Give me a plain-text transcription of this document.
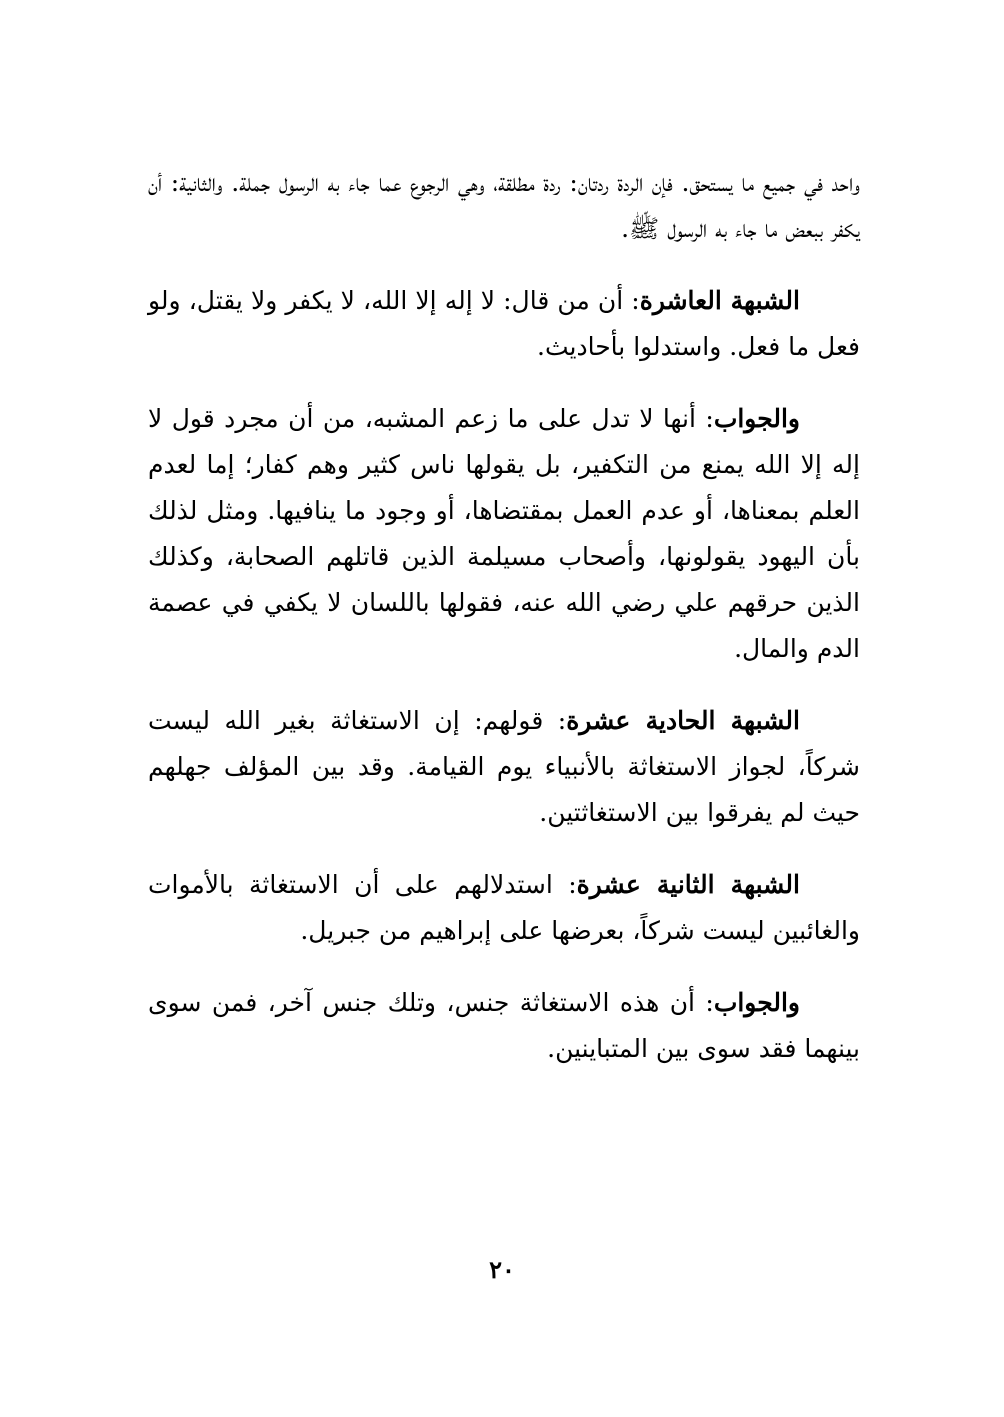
واحد في جميع ما يستحق. فإن الردة ردتان: ردة مطلقة، وهي الرجوع عما جاء به الرسول جملة. والثانية: أن يكفر ببعض ما جاء به الرسول ﷺ.

الشبهة العاشرة: أن من قال: لا إله إلا الله، لا يكفر ولا يقتل، ولو فعل ما فعل. واستدلوا بأحاديث.

والجواب: أنها لا تدل على ما زعم المشبه، من أن مجرد قول لا إله إلا الله يمنع من التكفير، بل يقولها ناس كثير وهم كفار؛ إما لعدم العلم بمعناها، أو عدم العمل بمقتضاها، أو وجود ما ينافيها. ومثل لذلك بأن اليهود يقولونها، وأصحاب مسيلمة الذين قاتلهم الصحابة، وكذلك الذين حرقهم علي رضي الله عنه، فقولها باللسان لا يكفي في عصمة الدم والمال.

الشبهة الحادية عشرة: قولهم: إن الاستغاثة بغير الله ليست شركاً، لجواز الاستغاثة بالأنبياء يوم القيامة. وقد بين المؤلف جهلهم حيث لم يفرقوا بين الاستغاثتين.

الشبهة الثانية عشرة: استدلالهم على أن الاستغاثة بالأموات والغائبين ليست شركاً، بعرضها على إبراهيم من جبريل.

والجواب: أن هذه الاستغاثة جنس، وتلك جنس آخر، فمن سوى بينهما فقد سوى بين المتباينين.

٢٠
